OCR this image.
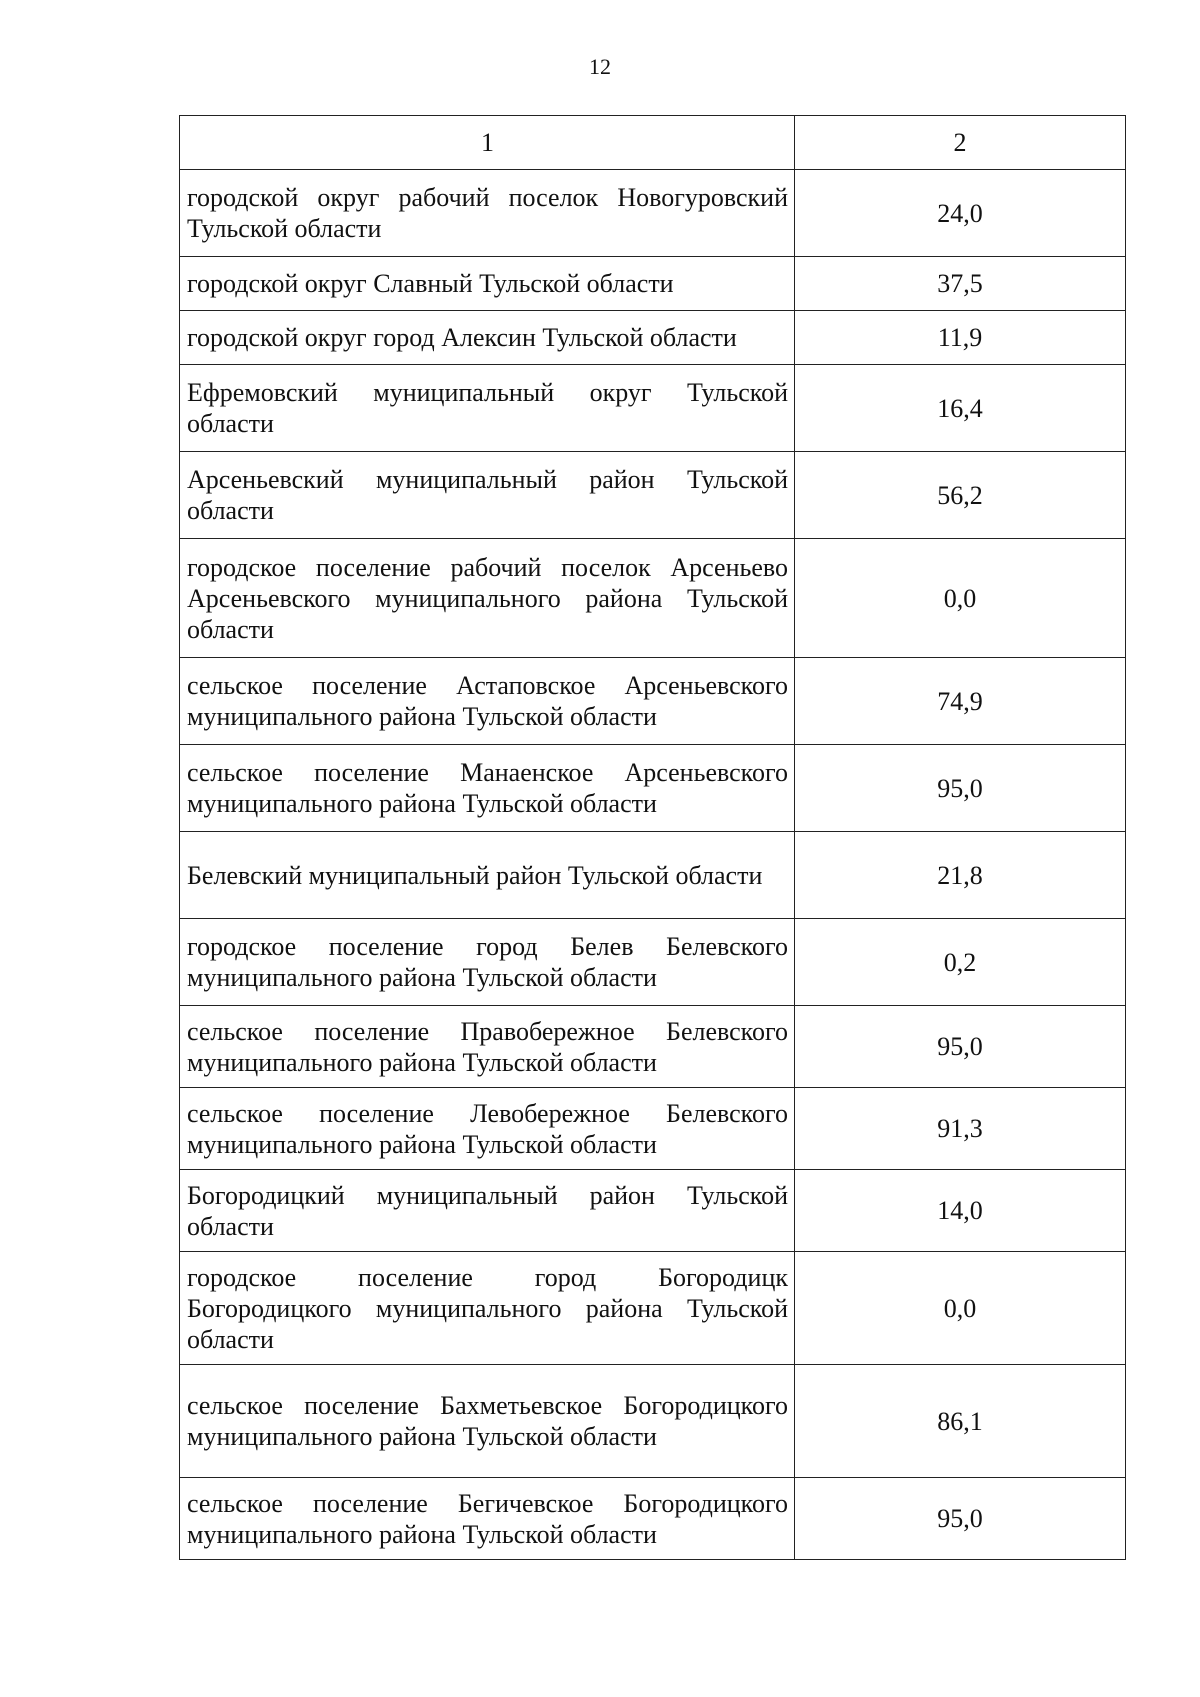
12
1	2
городской округ рабочий поселок Новогуровский Тульской области	24,0
городской округ Славный Тульской области	37,5
городской округ город Алексин Тульской области	11,9
Ефремовский муниципальный округ Тульской области	16,4
Арсеньевский муниципальный район Тульской области	56,2
городское поселение рабочий поселок Арсеньево Арсеньевского муниципального района Тульской области	0,0
сельское поселение Астаповское Арсеньевского муниципального района Тульской области	74,9
сельское поселение Манаенское Арсеньевского муниципального района Тульской области	95,0
Белевский муниципальный район Тульской области	21,8
городское поселение город Белев Белевского муниципального района Тульской области	0,2
сельское поселение Правобережное Белевского муниципального района Тульской области	95,0
сельское поселение Левобережное Белевского муниципального района Тульской области	91,3
Богородицкий муниципальный район Тульской области	14,0
городское поселение город Богородицк Богородицкого муниципального района Тульской области	0,0
сельское поселение Бахметьевское Богородицкого муниципального района Тульской области	86,1
сельское поселение Бегичевское Богородицкого муниципального района Тульской области	95,0
